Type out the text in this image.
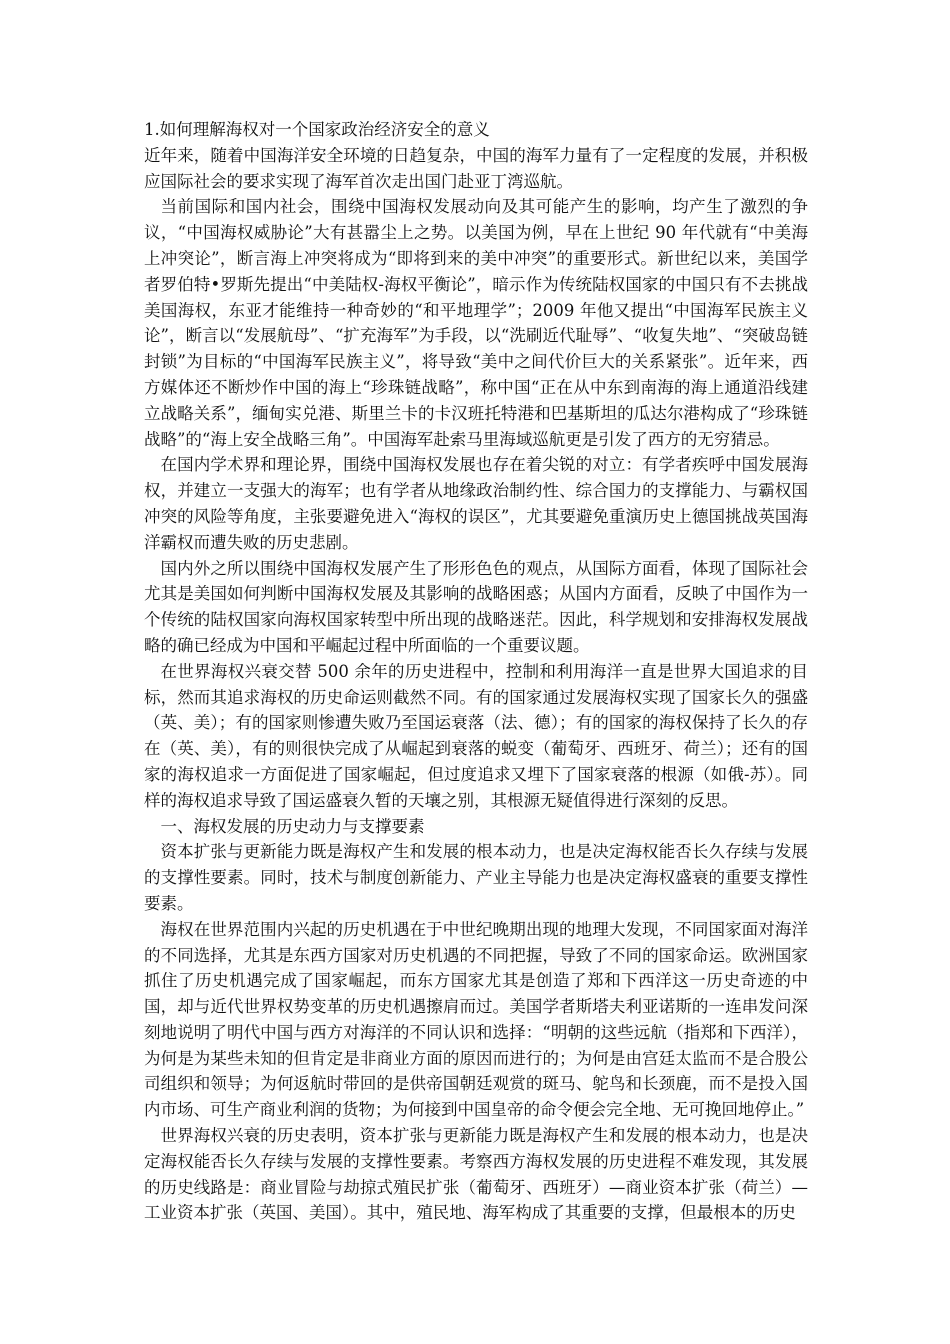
1.如何理解海权对一个国家政治经济安全的意义

近年来，随着中国海洋安全环境的日趋复杂，中国的海军力量有了一定程度的发展，并积极应国际社会的要求实现了海军首次走出国门赴亚丁湾巡航。

当前国际和国内社会，围绕中国海权发展动向及其可能产生的影响，均产生了激烈的争议，“中国海权威胁论”大有甚嚣尘上之势。以美国为例，早在上世纪 90 年代就有“中美海上冲突论”，断言海上冲突将成为“即将到来的美中冲突”的重要形式。新世纪以来，美国学者罗伯特•罗斯先提出“中美陆权-海权平衡论”，暗示作为传统陆权国家的中国只有不去挑战美国海权，东亚才能维持一种奇妙的“和平地理学”；2009 年他又提出“中国海军民族主义论”，断言以“发展航母”、“扩充海军”为手段，以“洗刷近代耻辱”、“收复失地”、“突破岛链封锁”为目标的“中国海军民族主义”，将导致“美中之间代价巨大的关系紧张”。近年来，西方媒体还不断炒作中国的海上“珍珠链战略”，称中国“正在从中东到南海的海上通道沿线建立战略关系”，缅甸实兑港、斯里兰卡的卡汉班托特港和巴基斯坦的瓜达尔港构成了“珍珠链战略”的“海上安全战略三角”。中国海军赴索马里海域巡航更是引发了西方的无穷猜忌。

在国内学术界和理论界，围绕中国海权发展也存在着尖锐的对立：有学者疾呼中国发展海权，并建立一支强大的海军；也有学者从地缘政治制约性、综合国力的支撑能力、与霸权国冲突的风险等角度，主张要避免进入“海权的误区”，尤其要避免重演历史上德国挑战英国海洋霸权而遭失败的历史悲剧。

国内外之所以围绕中国海权发展产生了形形色色的观点，从国际方面看，体现了国际社会尤其是美国如何判断中国海权发展及其影响的战略困惑；从国内方面看，反映了中国作为一个传统的陆权国家向海权国家转型中所出现的战略迷茫。因此，科学规划和安排海权发展战略的确已经成为中国和平崛起过程中所面临的一个重要议题。

在世界海权兴衰交替 500 余年的历史进程中，控制和利用海洋一直是世界大国追求的目标，然而其追求海权的历史命运则截然不同。有的国家通过发展海权实现了国家长久的强盛（英、美）；有的国家则惨遭失败乃至国运衰落（法、德）；有的国家的海权保持了长久的存在（英、美），有的则很快完成了从崛起到衰落的蜕变（葡萄牙、西班牙、荷兰）；还有的国家的海权追求一方面促进了国家崛起，但过度追求又埋下了国家衰落的根源（如俄-苏）。同样的海权追求导致了国运盛衰久暂的天壤之别，其根源无疑值得进行深刻的反思。

一、海权发展的历史动力与支撑要素

资本扩张与更新能力既是海权产生和发展的根本动力，也是决定海权能否长久存续与发展的支撑性要素。同时，技术与制度创新能力、产业主导能力也是决定海权盛衰的重要支撑性要素。

海权在世界范围内兴起的历史机遇在于中世纪晚期出现的地理大发现，不同国家面对海洋的不同选择，尤其是东西方国家对历史机遇的不同把握，导致了不同的国家命运。欧洲国家抓住了历史机遇完成了国家崛起，而东方国家尤其是创造了郑和下西洋这一历史奇迹的中国，却与近代世界权势变革的历史机遇擦肩而过。美国学者斯塔夫利亚诺斯的一连串发问深刻地说明了明代中国与西方对海洋的不同认识和选择：“明朝的这些远航（指郑和下西洋），为何是为某些未知的但肯定是非商业方面的原因而进行的；为何是由宫廷太监而不是合股公司组织和领导；为何返航时带回的是供帝国朝廷观赏的斑马、鸵鸟和长颈鹿，而不是投入国内市场、可生产商业利润的货物；为何接到中国皇帝的命令便会完全地、无可挽回地停止。”

世界海权兴衰的历史表明，资本扩张与更新能力既是海权产生和发展的根本动力，也是决定海权能否长久存续与发展的支撑性要素。考察西方海权发展的历史进程不难发现，其发展的历史线路是：商业冒险与劫掠式殖民扩张（葡萄牙、西班牙）—商业资本扩张（荷兰）—工业资本扩张（英国、美国）。其中，殖民地、海军构成了其重要的支撑，但最根本的历史
